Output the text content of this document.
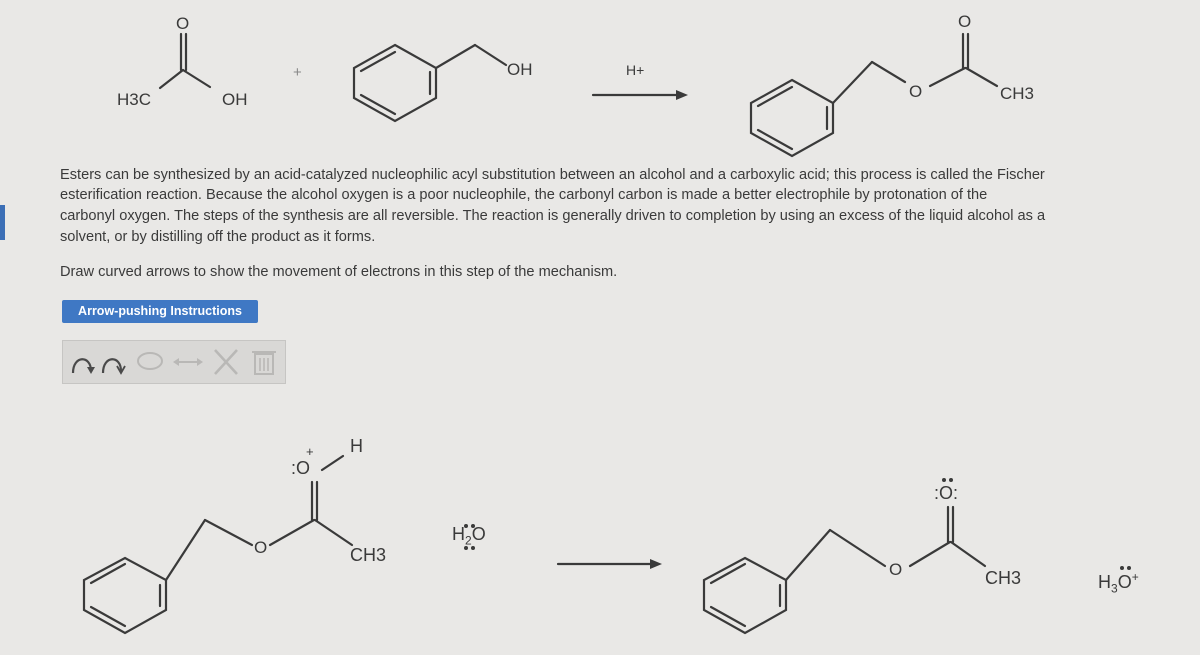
O
H3C	OH
+	OH	H+
O
O
CH3
Esters can be synthesized by an acid-catalyzed nucleophilic acyl substitution between an alcohol and a carboxylic acid; this process is called the Fischer
esterification reaction. Because the alcohol oxygen is a poor nucleophile, the carbonyl carbon is made a better electrophile by protonation of the
carbonyl oxygen. The steps of the synthesis are all reversible. The reaction is generally driven to completion by using an excess of the liquid alcohol as a
solvent, or by distilling off the product as it forms.
Draw curved arrows to show the movement of electrons in this step of the mechanism.
Arrow-pushing Instructions
:O
+ H
O	CH3
$H_2O$
:O:
O	CH3	$H_3O^+$
